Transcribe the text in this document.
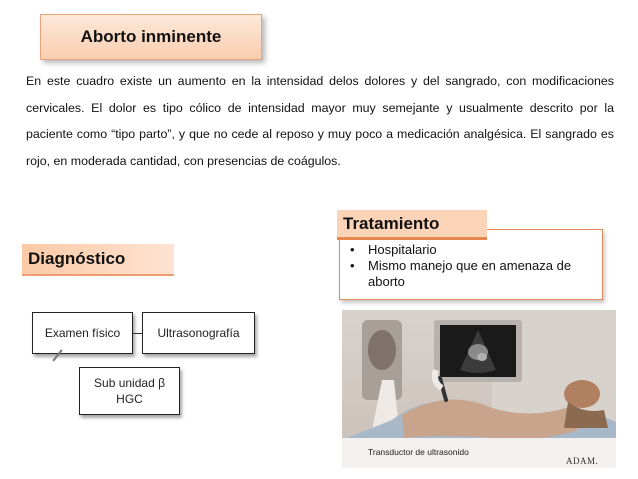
Aborto inminente

En este cuadro existe un aumento en la intensidad delos dolores y del sangrado, con modificaciones cervicales. El dolor es tipo cólico de intensidad mayor muy semejante y usualmente descrito por la paciente como “tipo parto”, y que no cede al reposo y muy poco a medicación analgésica. El sangrado es rojo, en moderada cantidad, con presencias de coágulos.

Tratamiento
•	Hospitalario
•	Mismo manejo que en amenaza de aborto
Diagnóstico
Examen físico	Ultrasonografía
Sub unidad β HGC
Transductor de ultrasonido
ADAM.
